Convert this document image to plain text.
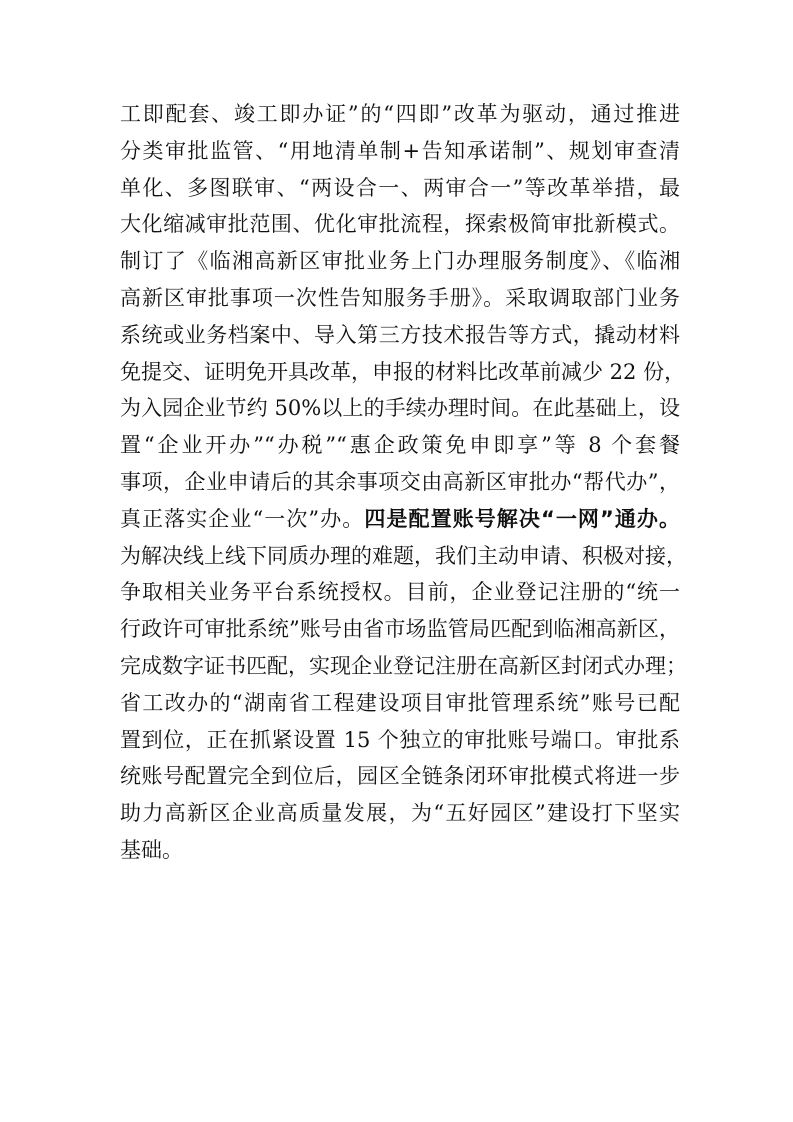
工即配套、竣工即办证”的“四即”改革为驱动，通过推进
分类审批监管、“用地清单制+告知承诺制”、规划审查清
单化、多图联审、“两设合一、两审合一”等改革举措，最
大化缩减审批范围、优化审批流程，探索极简审批新模式。
制订了《临湘高新区审批业务上门办理服务制度》、《临湘
高新区审批事项一次性告知服务手册》。采取调取部门业务
系统或业务档案中、导入第三方技术报告等方式，撬动材料
免提交、证明免开具改革，申报的材料比改革前减少 22 份，
为入园企业节约 50%以上的手续办理时间。在此基础上，设
置“企业开办”“办税”“惠企政策免申即享”等 8 个套餐
事项，企业申请后的其余事项交由高新区审批办“帮代办”，
真正落实企业“一次”办。四是配置账号解决“一网”通办。
为解决线上线下同质办理的难题，我们主动申请、积极对接，
争取相关业务平台系统授权。目前，企业登记注册的“统一
行政许可审批系统”账号由省市场监管局匹配到临湘高新区，
完成数字证书匹配，实现企业登记注册在高新区封闭式办理；
省工改办的“湖南省工程建设项目审批管理系统”账号已配
置到位，正在抓紧设置 15 个独立的审批账号端口。审批系
统账号配置完全到位后，园区全链条闭环审批模式将进一步
助力高新区企业高质量发展，为“五好园区”建设打下坚实
基础。
